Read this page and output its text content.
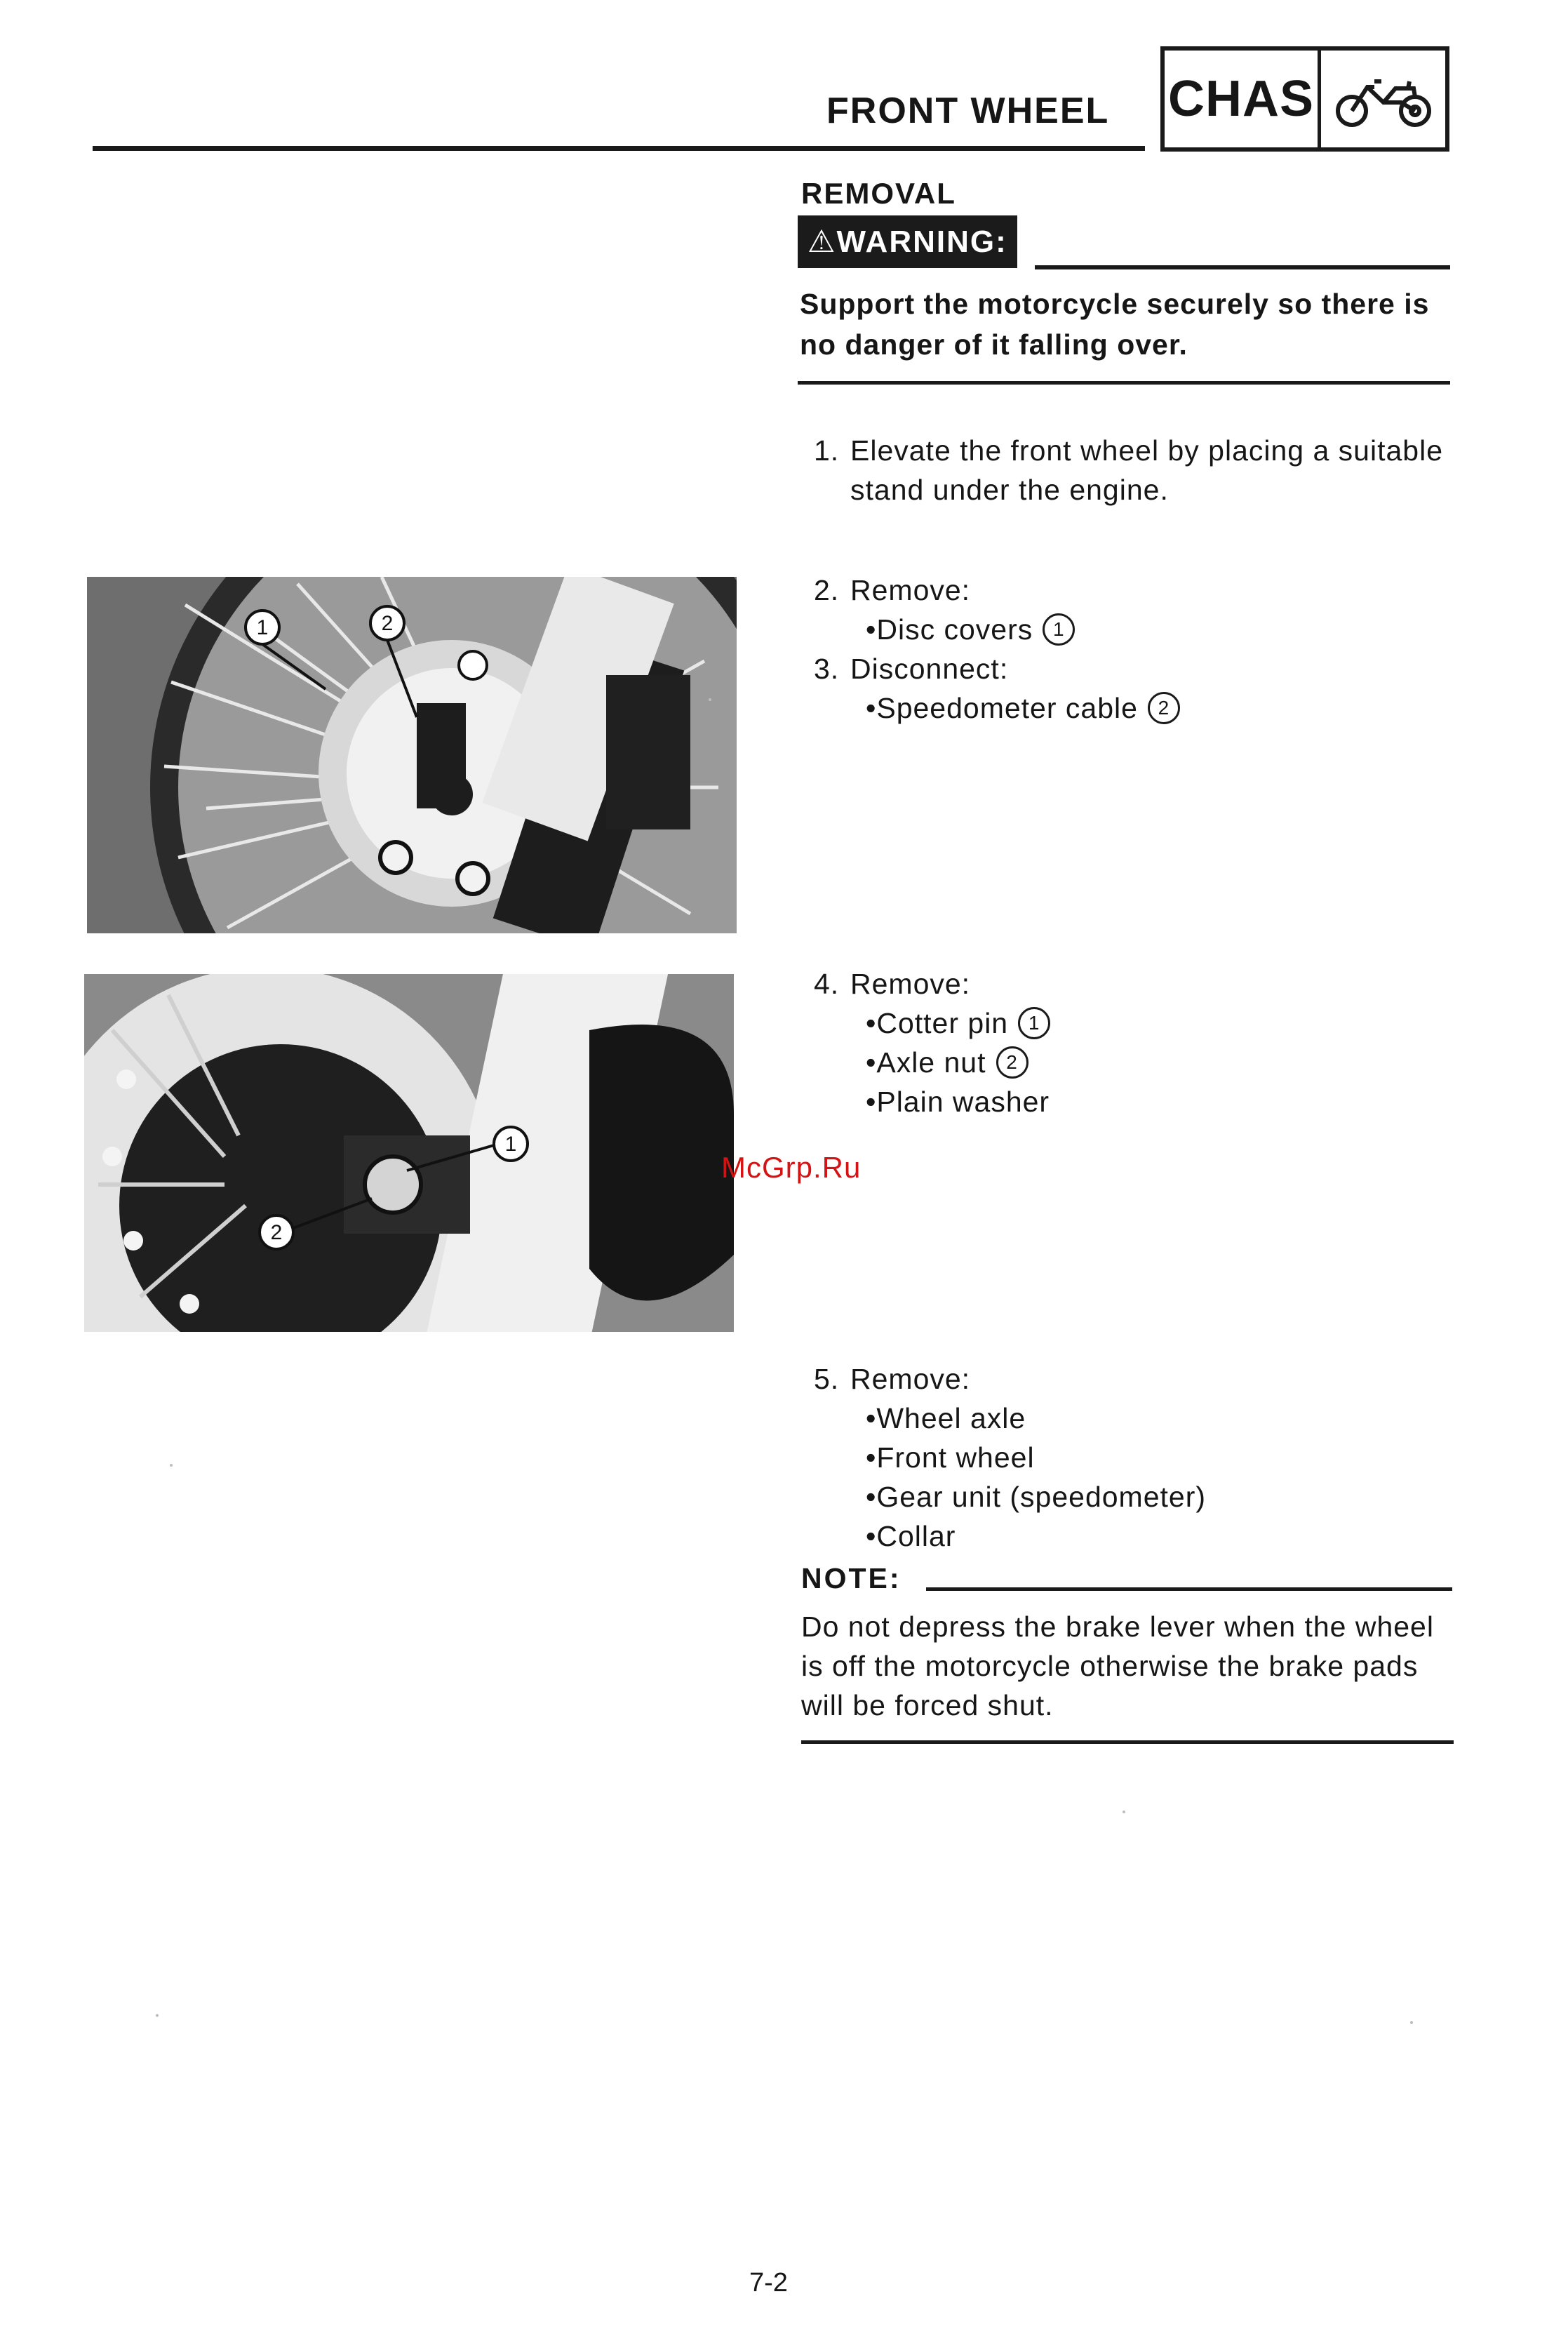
FRONT WHEEL CHAS
REMOVAL
⚠WARNING:
Support the motorcycle securely so there is no danger of it falling over.
1. Elevate the front wheel by placing a suitable
stand under the engine.
2. Remove:
•Disc covers 1
3. Disconnect:
•Speedometer cable 2
4. Remove:
•Cotter pin 1
•Axle nut 2
•Plain washer
5. Remove:
•Wheel axle
•Front wheel
•Gear unit (speedometer)
•Collar
NOTE:
Do not depress the brake lever when the wheel is off the motorcycle otherwise the brake pads will be forced shut.
1	2
1
2
McGrp.Ru
7-2
